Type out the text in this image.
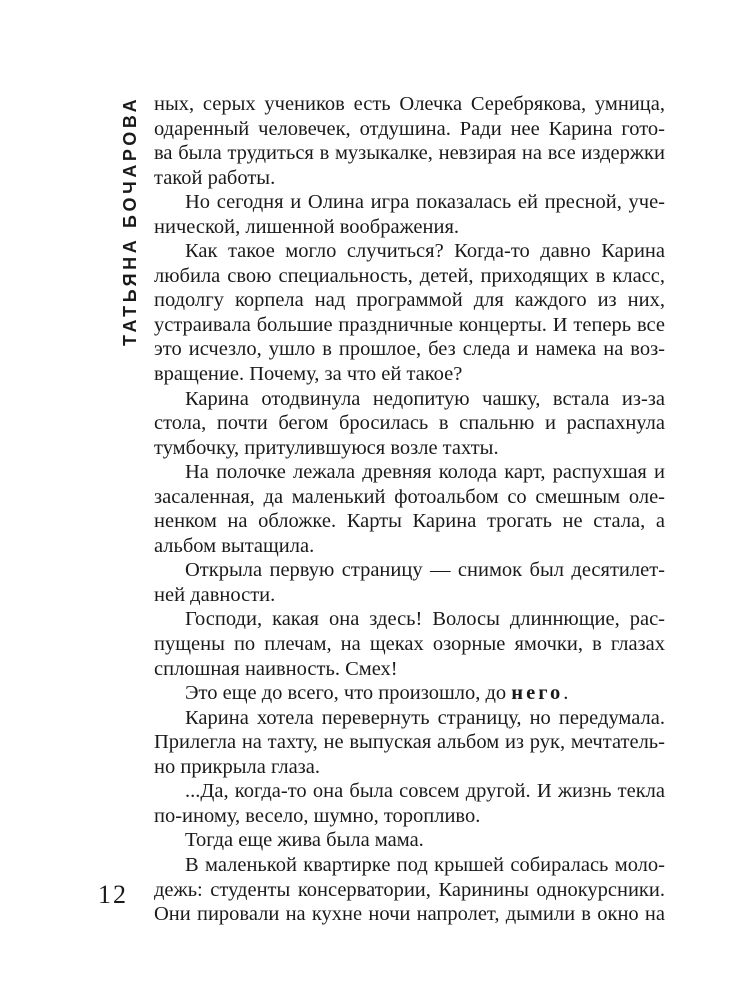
ТАТЬЯНА БОЧАРОВА
12
ных, серых учеников есть Олечка Серебрякова, умница,
одаренный человечек, отдушина. Ради нее Карина гото-
ва была трудиться в музыкалке, невзирая на все издержки
такой работы.
Но сегодня и Олина игра показалась ей пресной, уче-
нической, лишенной воображения.
Как такое могло случиться? Когда-то давно Карина
любила свою специальность, детей, приходящих в класс,
подолгу корпела над программой для каждого из них,
устраивала большие праздничные концерты. И теперь все
это исчезло, ушло в прошлое, без следа и намека на воз-
вращение. Почему, за что ей такое?
Карина отодвинула недопитую чашку, встала из-за
стола, почти бегом бросилась в спальню и распахнула
тумбочку, притулившуюся возле тахты.
На полочке лежала древняя колода карт, распухшая и
засаленная, да маленький фотоальбом со смешным оле-
ненком на обложке. Карты Карина трогать не стала, а
альбом вытащила.
Открыла первую страницу — снимок был десятилет-
ней давности.
Господи, какая она здесь! Волосы длиннющие, рас-
пущены по плечам, на щеках озорные ямочки, в глазах
сплошная наивность. Смех!
Это еще до всего, что произошло, до него.
Карина хотела перевернуть страницу, но передумала.
Прилегла на тахту, не выпуская альбом из рук, мечтатель-
но прикрыла глаза.
...Да, когда-то она была совсем другой. И жизнь текла
по-иному, весело, шумно, торопливо.
Тогда еще жива была мама.
В маленькой квартирке под крышей собиралась моло-
дежь: студенты консерватории, Каринины однокурсники.
Они пировали на кухне ночи напролет, дымили в окно на
